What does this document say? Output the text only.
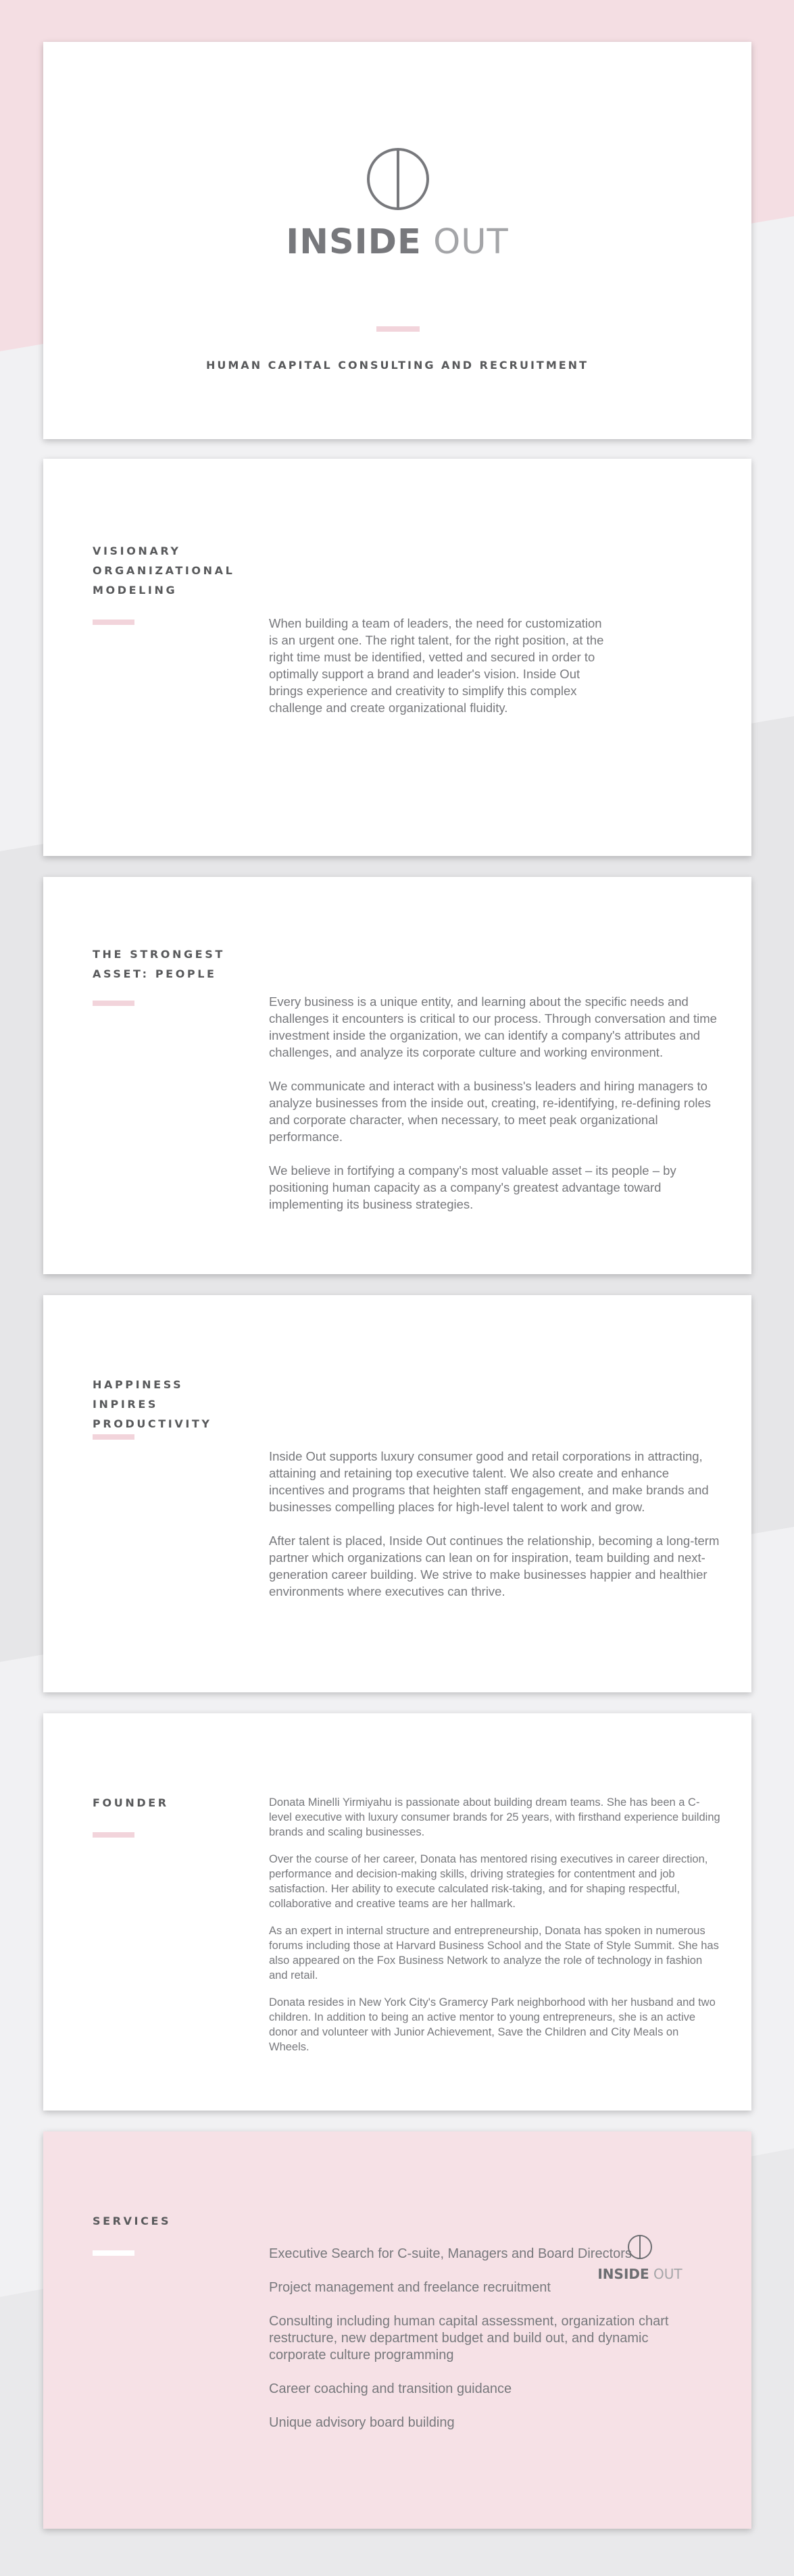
INSIDE OUT
HUMAN CAPITAL CONSULTING AND RECRUITMENT
VISIONARY ORGANIZATIONAL MODELING

When building a team of leaders, the need for customization is an urgent one. The right talent, for the right position, at the right time must be identified, vetted and secured in order to optimally support a brand and leader's vision. Inside Out brings experience and creativity to simplify this complex challenge and create organizational fluidity.

THE STRONGEST ASSET: PEOPLE

Every business is a unique entity, and learning about the specific needs and challenges it encounters is critical to our process. Through conversation and time investment inside the organization, we can identify a company's attributes and challenges, and analyze its corporate culture and working environment.

We communicate and interact with a business's leaders and hiring managers to analyze businesses from the inside out, creating, re-identifying, re-defining roles and corporate character, when necessary, to meet peak organizational performance.

We believe in fortifying a company's most valuable asset – its people – by positioning human capacity as a company's greatest advantage toward implementing its business strategies.

HAPPINESS INPIRES PRODUCTIVITY

Inside Out supports luxury consumer good and retail corporations in attracting, attaining and retaining top executive talent. We also create and enhance incentives and programs that heighten staff engagement, and make brands and businesses compelling places for high-level talent to work and grow.

After talent is placed, Inside Out continues the relationship, becoming a long-term partner which organizations can lean on for inspiration, team building and next-generation career building. We strive to make businesses happier and healthier environments where executives can thrive.

FOUNDER	Donata Minelli Yirmiyahu is passionate about building dream teams. She has been a C-level executive with luxury consumer brands for 25 years, with firsthand experience building brands and scaling businesses.

Over the course of her career, Donata has mentored rising executives in career direction, performance and decision-making skills, driving strategies for contentment and job satisfaction. Her ability to execute calculated risk-taking, and for shaping respectful, collaborative and creative teams are her hallmark.

As an expert in internal structure and entrepreneurship, Donata has spoken in numerous forums including those at Harvard Business School and the State of Style Summit. She has also appeared on the Fox Business Network to analyze the role of technology in fashion and retail.

Donata resides in New York City's Gramercy Park neighborhood with her husband and two children. In addition to being an active mentor to young entrepreneurs, she is an active donor and volunteer with Junior Achievement, Save the Children and City Meals on Wheels.

SERVICES

Executive Search for C-suite, Managers and Board Directors

Project management and freelance recruitment

Consulting including human capital assessment, organization chart restructure, new department budget and build out, and dynamic corporate culture programming

Career coaching and transition guidance

Unique advisory board building

INSIDE OUT
